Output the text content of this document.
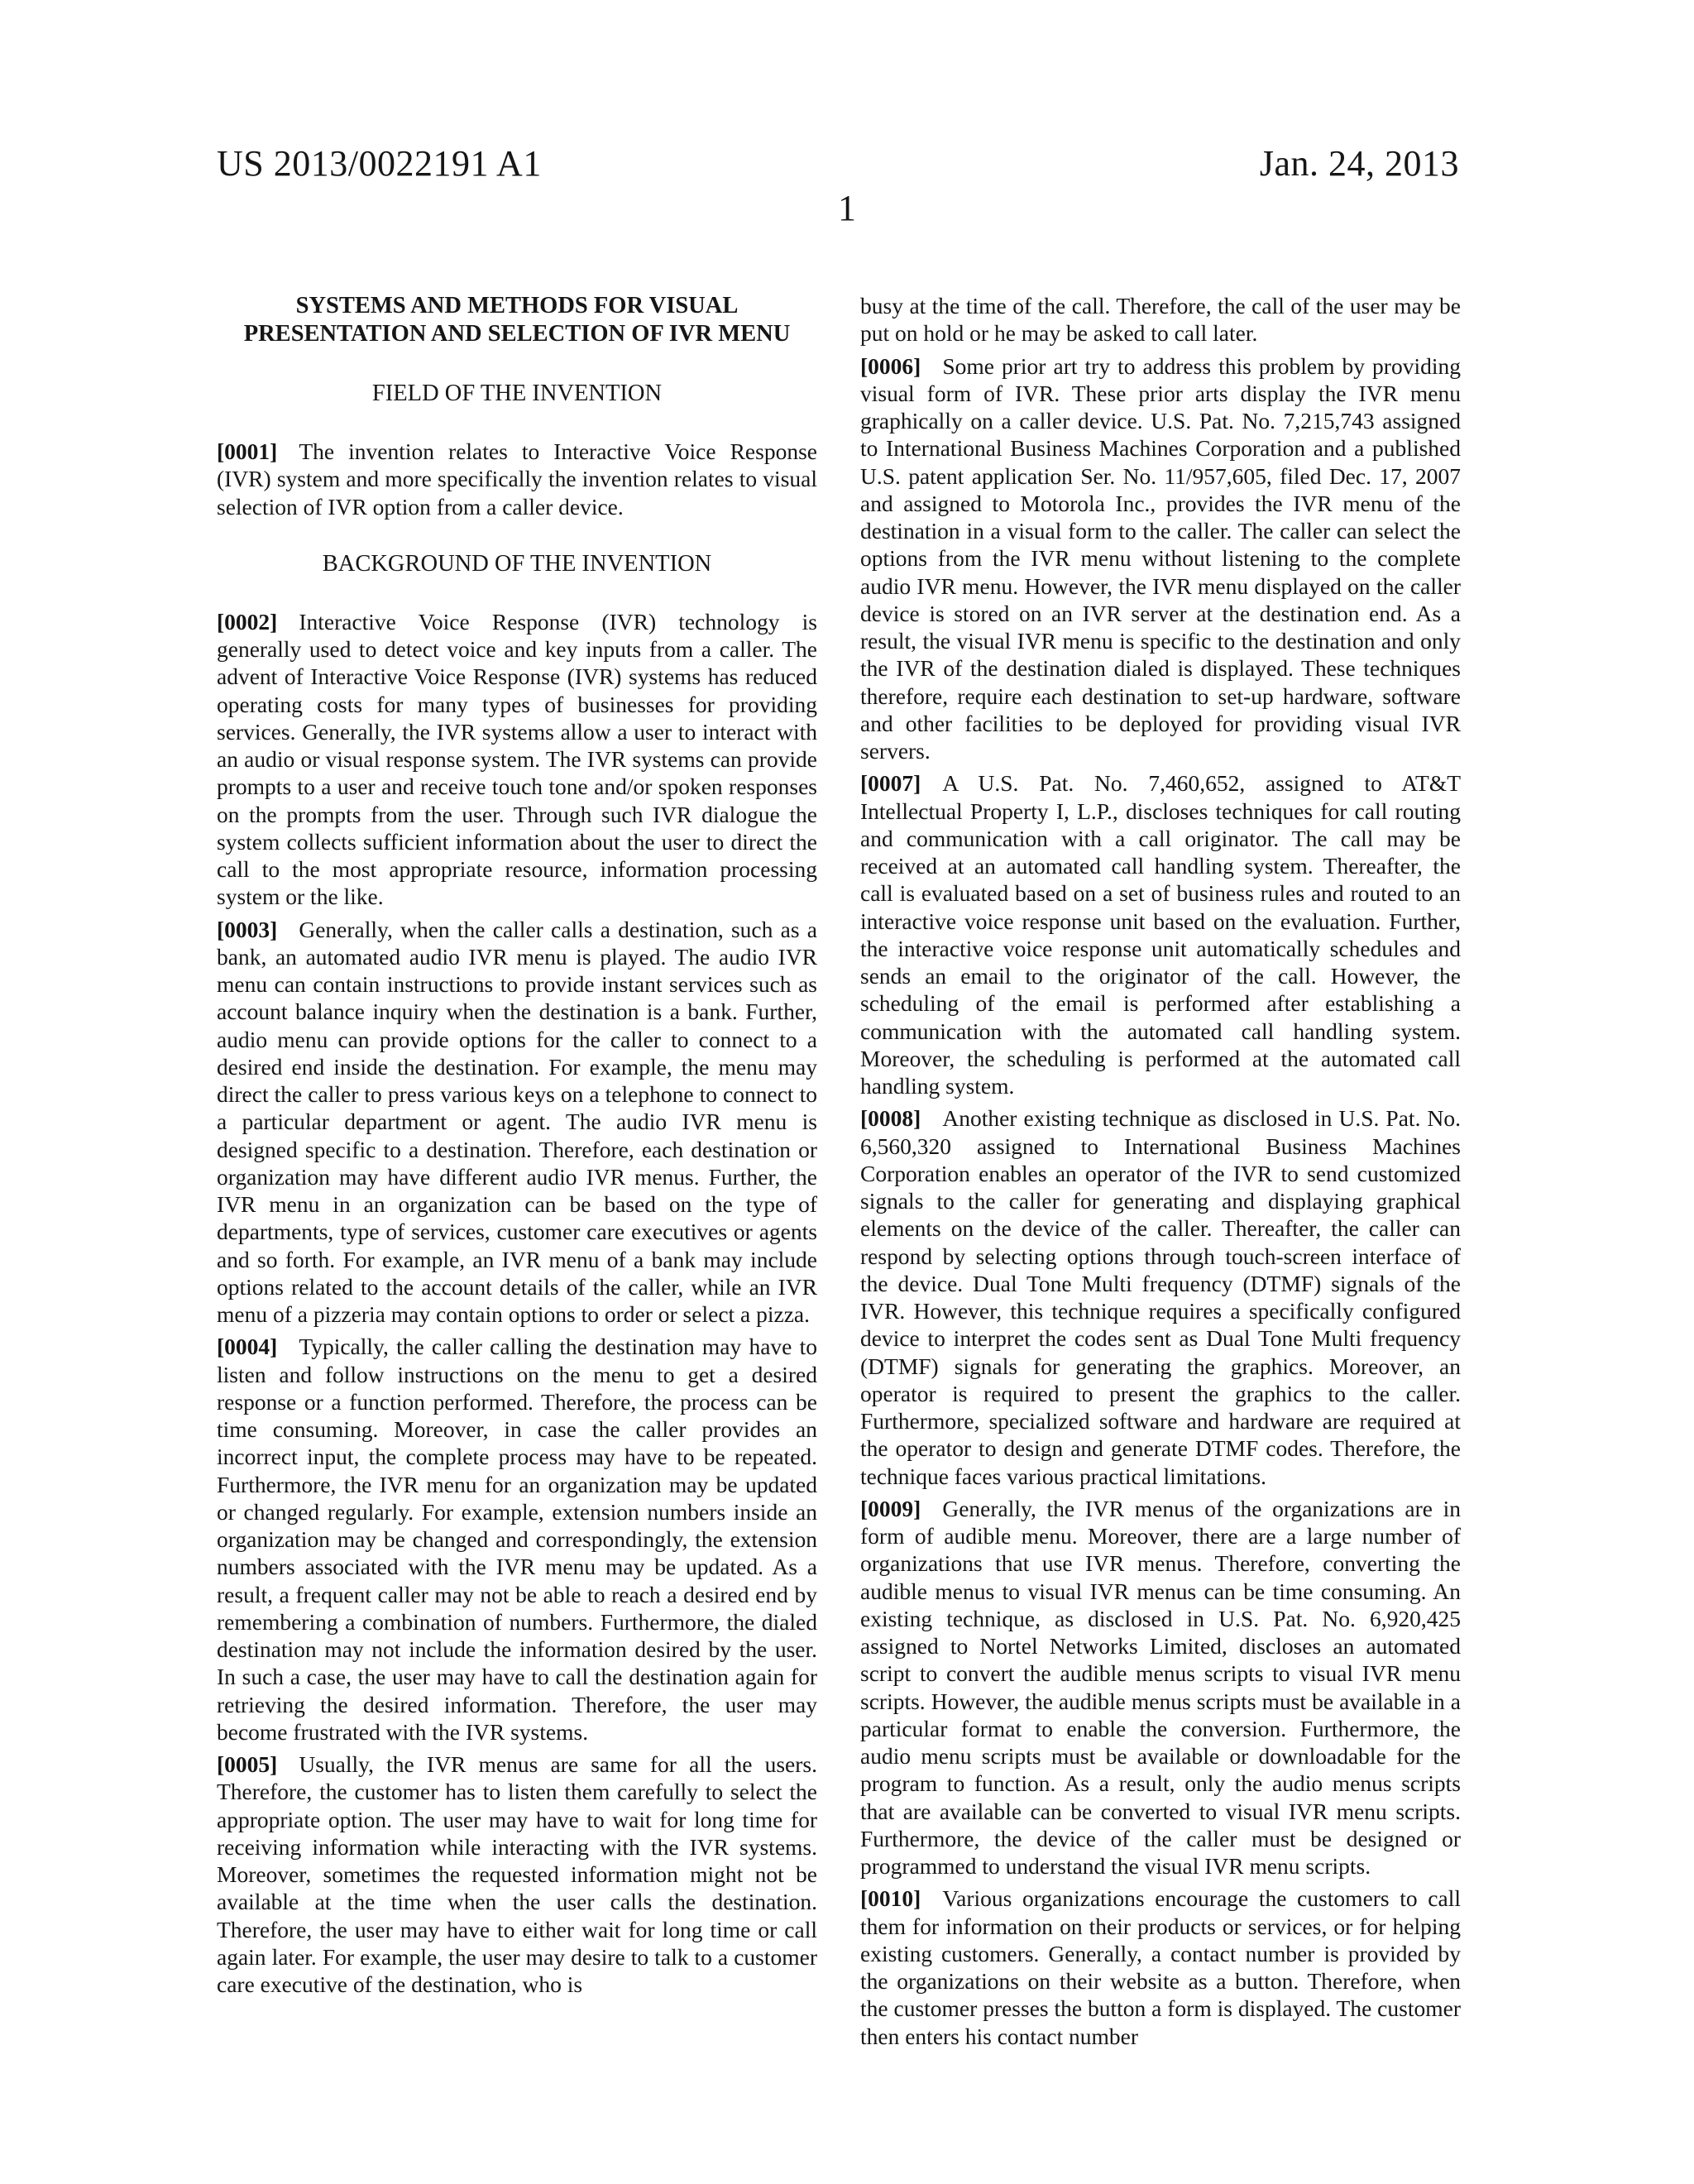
US 2013/0022191 A1	Jan. 24, 2013
1
SYSTEMS AND METHODS FOR VISUAL PRESENTATION AND SELECTION OF IVR MENU
FIELD OF THE INVENTION

[0001] The invention relates to Interactive Voice Response (IVR) system and more specifically the invention relates to visual selection of IVR option from a caller device.

BACKGROUND OF THE INVENTION

[0002] Interactive Voice Response (IVR) technology is generally used to detect voice and key inputs from a caller. The advent of Interactive Voice Response (IVR) systems has reduced operating costs for many types of businesses for providing services. Generally, the IVR systems allow a user to interact with an audio or visual response system. The IVR systems can provide prompts to a user and receive touch tone and/or spoken responses on the prompts from the user. Through such IVR dialogue the system collects sufficient information about the user to direct the call to the most appropriate resource, information processing system or the like.

[0003] Generally, when the caller calls a destination, such as a bank, an automated audio IVR menu is played. The audio IVR menu can contain instructions to provide instant services such as account balance inquiry when the destination is a bank. Further, audio menu can provide options for the caller to connect to a desired end inside the destination. For example, the menu may direct the caller to press various keys on a telephone to connect to a particular department or agent. The audio IVR menu is designed specific to a destination. Therefore, each destination or organization may have different audio IVR menus. Further, the IVR menu in an organization can be based on the type of departments, type of services, customer care executives or agents and so forth. For example, an IVR menu of a bank may include options related to the account details of the caller, while an IVR menu of a pizzeria may contain options to order or select a pizza.

[0004] Typically, the caller calling the destination may have to listen and follow instructions on the menu to get a desired response or a function performed. Therefore, the process can be time consuming. Moreover, in case the caller provides an incorrect input, the complete process may have to be repeated. Furthermore, the IVR menu for an organization may be updated or changed regularly. For example, extension numbers inside an organization may be changed and correspondingly, the extension numbers associated with the IVR menu may be updated. As a result, a frequent caller may not be able to reach a desired end by remembering a combination of numbers. Furthermore, the dialed destination may not include the information desired by the user. In such a case, the user may have to call the destination again for retrieving the desired information. Therefore, the user may become frustrated with the IVR systems.

[0005] Usually, the IVR menus are same for all the users. Therefore, the customer has to listen them carefully to select the appropriate option. The user may have to wait for long time for receiving information while interacting with the IVR systems. Moreover, sometimes the requested information might not be available at the time when the user calls the destination. Therefore, the user may have to either wait for long time or call again later. For example, the user may desire to talk to a customer care executive of the destination, who is

busy at the time of the call. Therefore, the call of the user may be put on hold or he may be asked to call later.

[0006] Some prior art try to address this problem by providing visual form of IVR. These prior arts display the IVR menu graphically on a caller device. U.S. Pat. No. 7,215,743 assigned to International Business Machines Corporation and a published U.S. patent application Ser. No. 11/957,605, filed Dec. 17, 2007 and assigned to Motorola Inc., provides the IVR menu of the destination in a visual form to the caller. The caller can select the options from the IVR menu without listening to the complete audio IVR menu. However, the IVR menu displayed on the caller device is stored on an IVR server at the destination end. As a result, the visual IVR menu is specific to the destination and only the IVR of the destination dialed is displayed. These techniques therefore, require each destination to set-up hardware, software and other facilities to be deployed for providing visual IVR servers.

[0007] A U.S. Pat. No. 7,460,652, assigned to AT&T Intellectual Property I, L.P., discloses techniques for call routing and communication with a call originator. The call may be received at an automated call handling system. Thereafter, the call is evaluated based on a set of business rules and routed to an interactive voice response unit based on the evaluation. Further, the interactive voice response unit automatically schedules and sends an email to the originator of the call. However, the scheduling of the email is performed after establishing a communication with the automated call handling system. Moreover, the scheduling is performed at the automated call handling system.

[0008] Another existing technique as disclosed in U.S. Pat. No. 6,560,320 assigned to International Business Machines Corporation enables an operator of the IVR to send customized signals to the caller for generating and displaying graphical elements on the device of the caller. Thereafter, the caller can respond by selecting options through touch-screen interface of the device. Dual Tone Multi frequency (DTMF) signals of the IVR. However, this technique requires a specifically configured device to interpret the codes sent as Dual Tone Multi frequency (DTMF) signals for generating the graphics. Moreover, an operator is required to present the graphics to the caller. Furthermore, specialized software and hardware are required at the operator to design and generate DTMF codes. Therefore, the technique faces various practical limitations.

[0009] Generally, the IVR menus of the organizations are in form of audible menu. Moreover, there are a large number of organizations that use IVR menus. Therefore, converting the audible menus to visual IVR menus can be time consuming. An existing technique, as disclosed in U.S. Pat. No. 6,920,425 assigned to Nortel Networks Limited, discloses an automated script to convert the audible menus scripts to visual IVR menu scripts. However, the audible menus scripts must be available in a particular format to enable the conversion. Furthermore, the audio menu scripts must be available or downloadable for the program to function. As a result, only the audio menus scripts that are available can be converted to visual IVR menu scripts. Furthermore, the device of the caller must be designed or programmed to understand the visual IVR menu scripts.

[0010] Various organizations encourage the customers to call them for information on their products or services, or for helping existing customers. Generally, a contact number is provided by the organizations on their website as a button. Therefore, when the customer presses the button a form is displayed. The customer then enters his contact number
